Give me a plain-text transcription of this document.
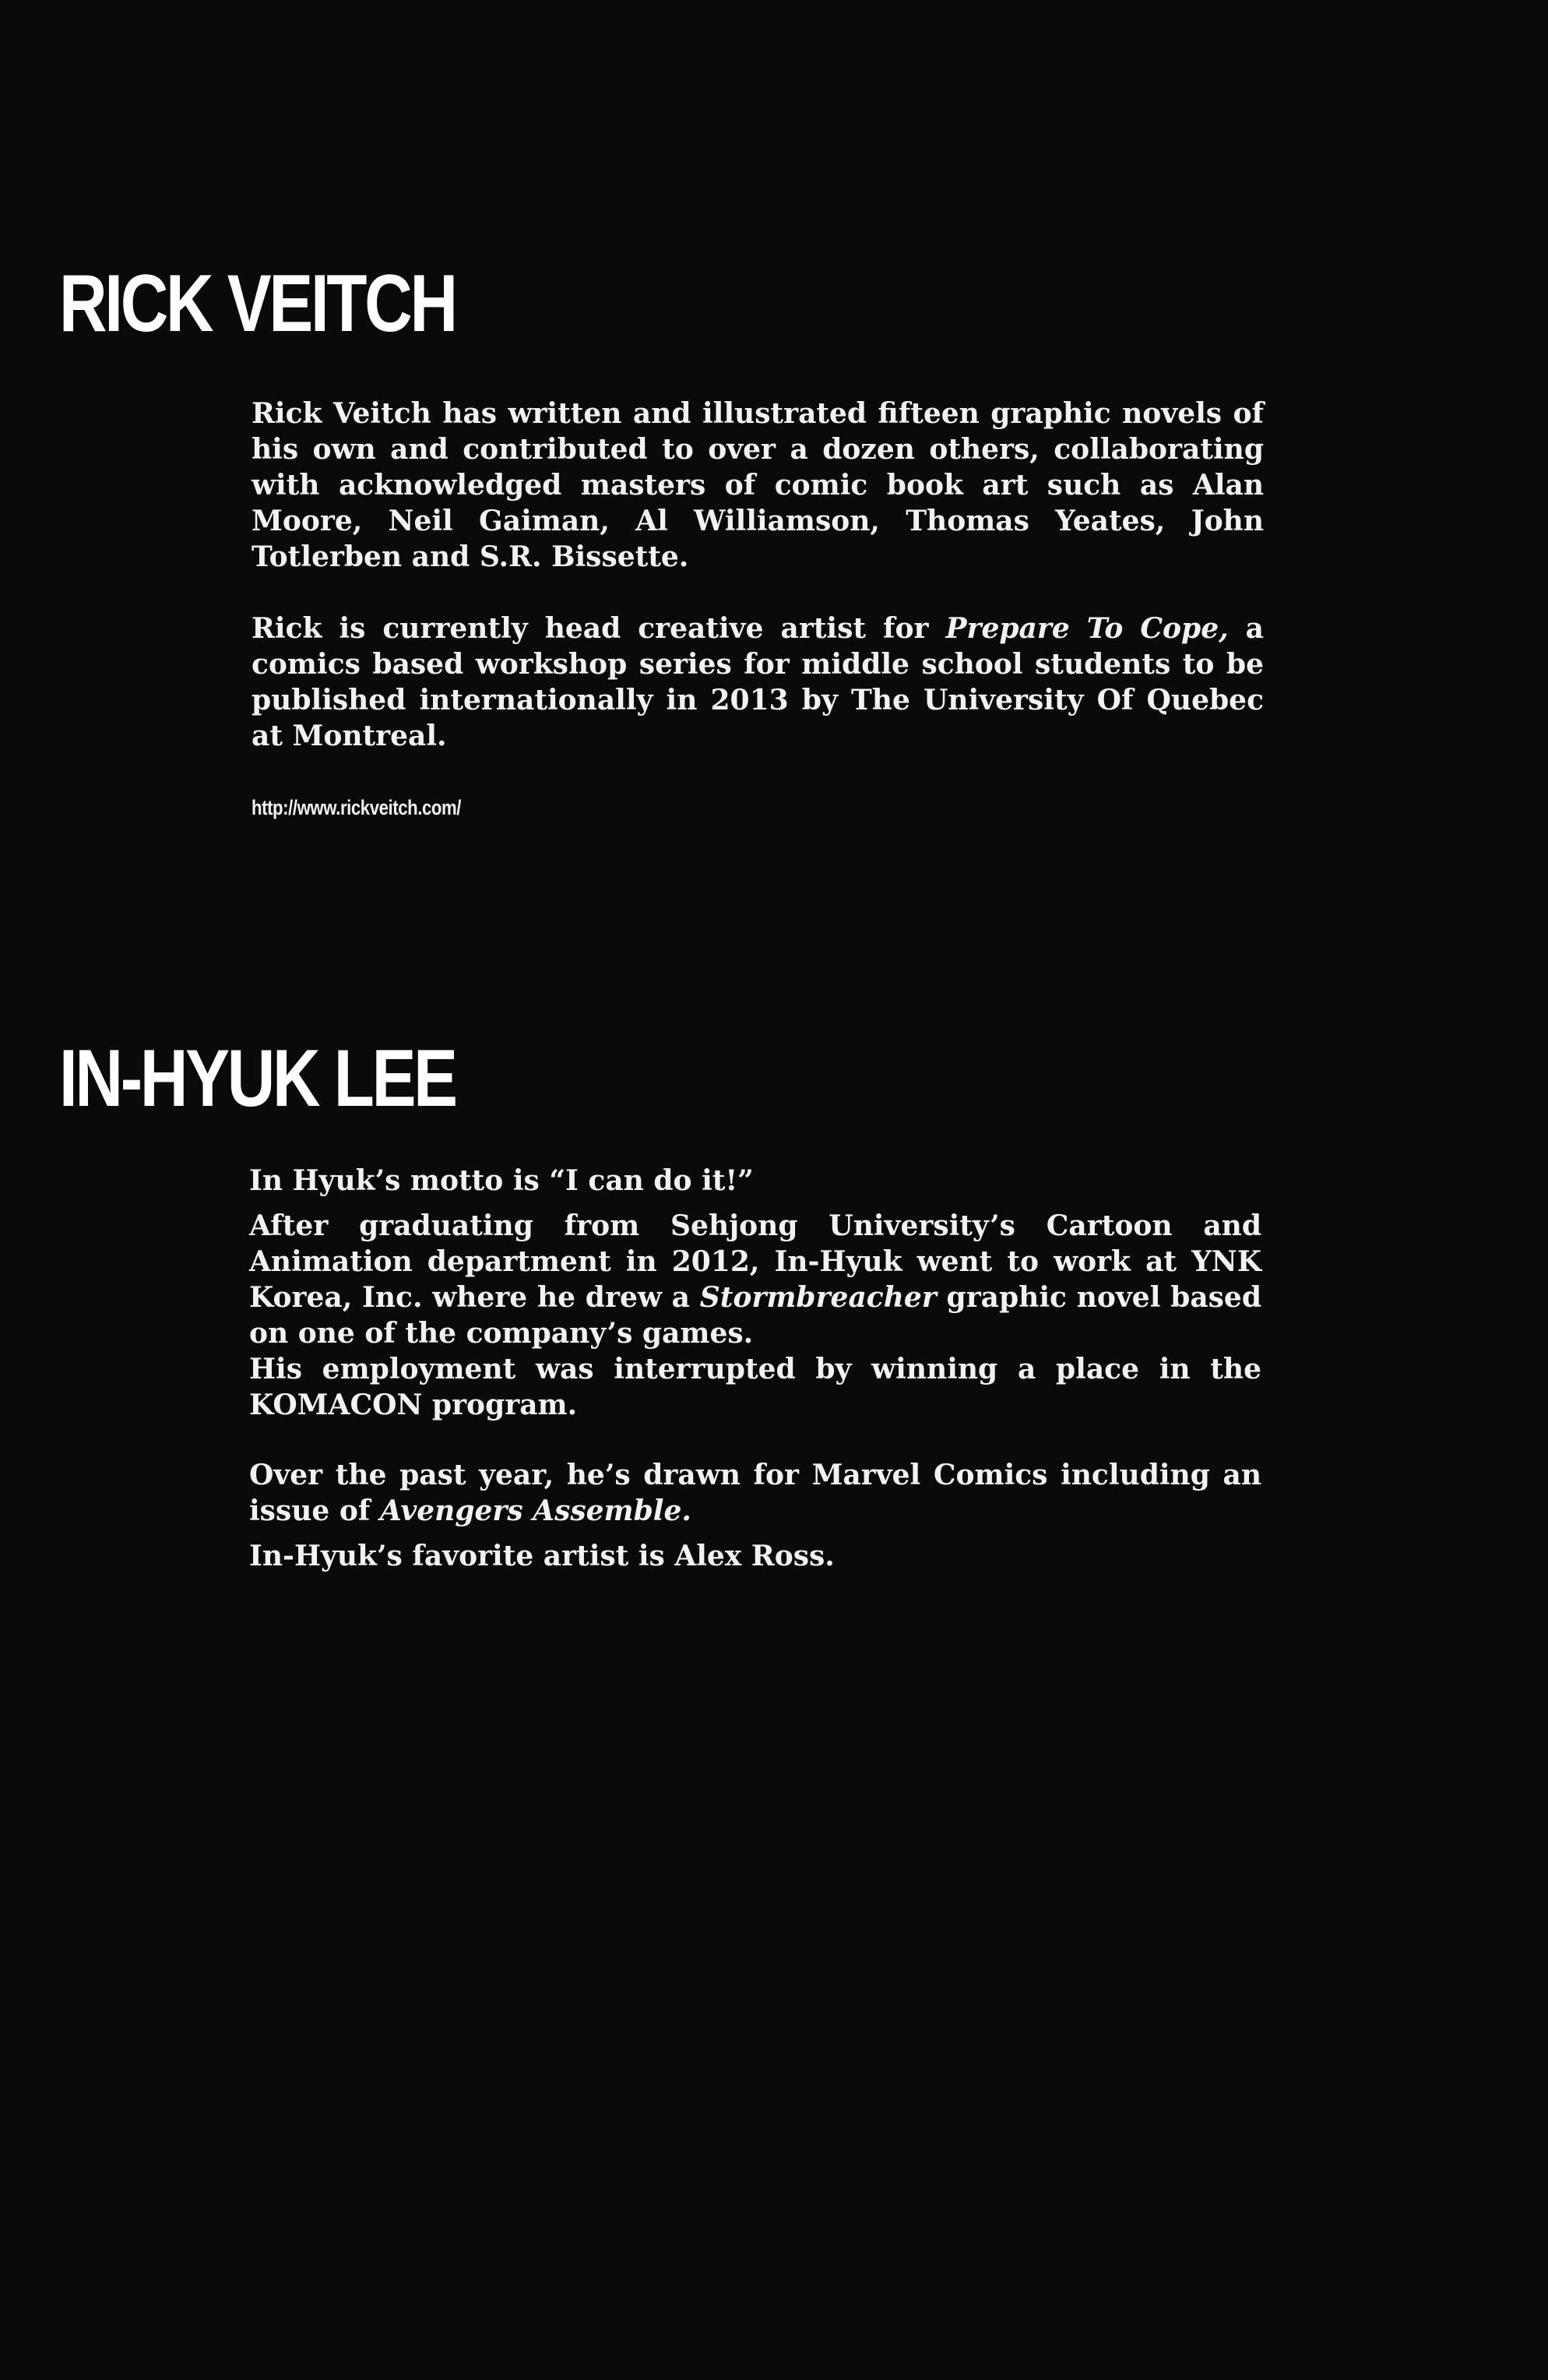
RICK VEITCH

Rick Veitch has written and illustrated fifteen graphic novels of his own and contributed to over a dozen others, collaborating with acknowledged masters of comic book art such as Alan Moore, Neil Gaiman, Al Williamson, Thomas Yeates, John Totlerben and S.R. Bissette.

Rick is currently head creative artist for Prepare To Cope, a comics based workshop series for middle school students to be published internationally in 2013 by The University Of Quebec at Montreal.

http://www.rickveitch.com/

IN-HYUK LEE

In Hyuk’s motto is “I can do it!”

After graduating from Sehjong University’s Cartoon and Animation department in 2012, In-Hyuk went to work at YNK Korea, Inc. where he drew a Stormbreacher graphic novel based on one of the company’s games.

His employment was interrupted by winning a place in the KOMACON program.

Over the past year, he’s drawn for Marvel Comics including an issue of Avengers Assemble.

In-Hyuk’s favorite artist is Alex Ross.
